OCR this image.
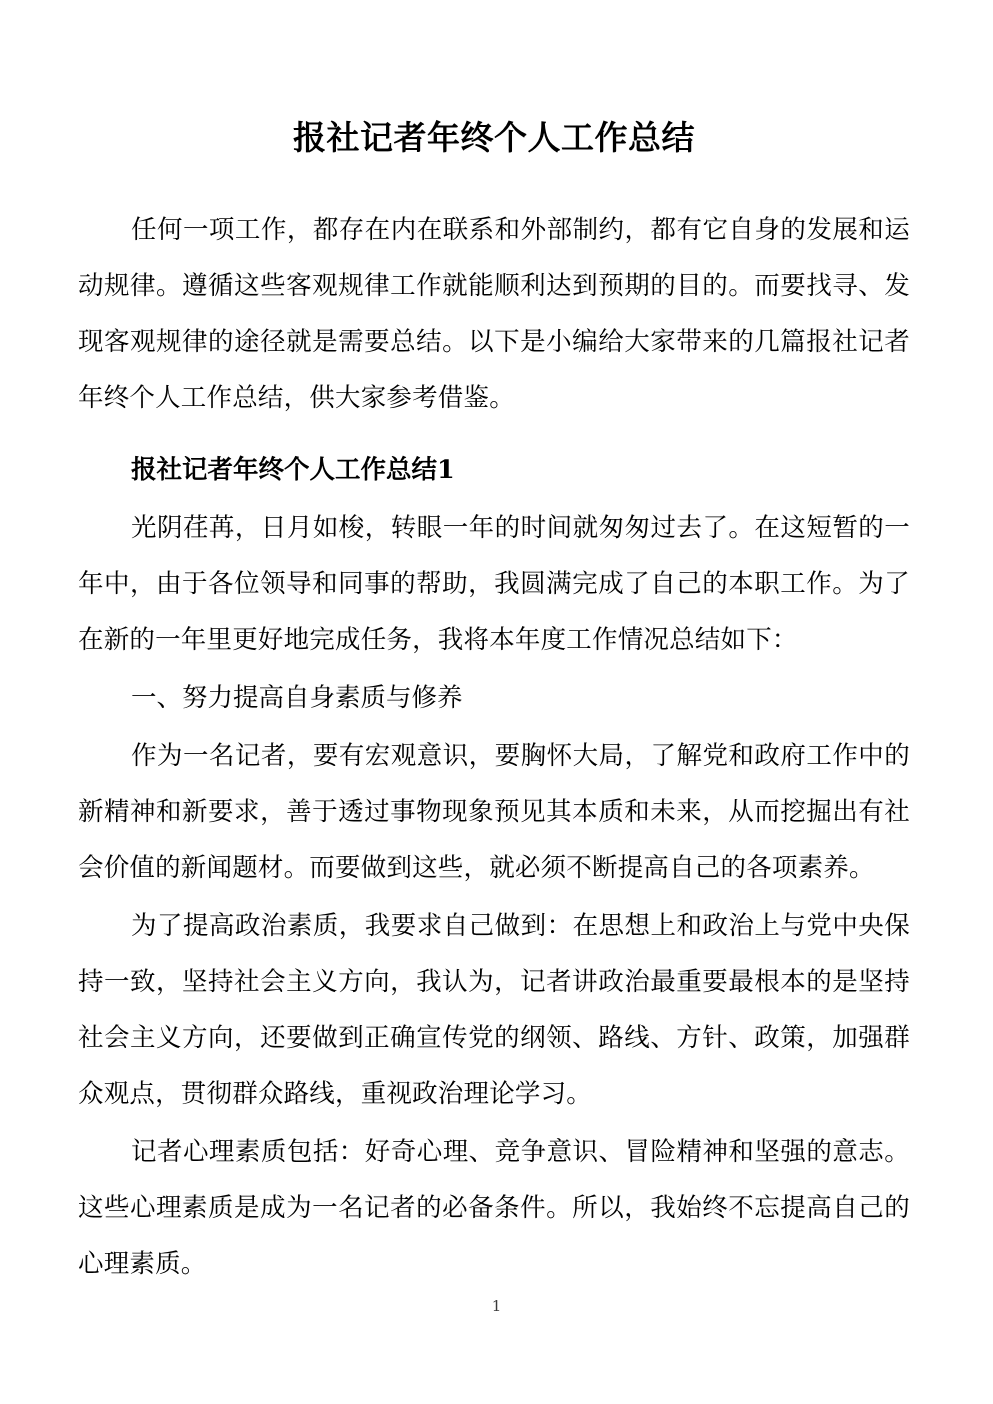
报社记者年终个人工作总结

任何一项工作，都存在内在联系和外部制约，都有它自身的发展和运动规律。遵循这些客观规律工作就能顺利达到预期的目的。而要找寻、发现客观规律的途径就是需要总结。以下是小编给大家带来的几篇报社记者年终个人工作总结，供大家参考借鉴。

报社记者年终个人工作总结1

光阴荏苒，日月如梭，转眼一年的时间就匆匆过去了。在这短暂的一年中，由于各位领导和同事的帮助，我圆满完成了自己的本职工作。为了在新的一年里更好地完成任务，我将本年度工作情况总结如下：

一、努力提高自身素质与修养

作为一名记者，要有宏观意识，要胸怀大局，了解党和政府工作中的新精神和新要求，善于透过事物现象预见其本质和未来，从而挖掘出有社会价值的新闻题材。而要做到这些，就必须不断提高自己的各项素养。

为了提高政治素质，我要求自己做到：在思想上和政治上与党中央保持一致，坚持社会主义方向，我认为，记者讲政治最重要最根本的是坚持社会主义方向，还要做到正确宣传党的纲领、路线、方针、政策，加强群众观点，贯彻群众路线，重视政治理论学习。

记者心理素质包括：好奇心理、竞争意识、冒险精神和坚强的意志。这些心理素质是成为一名记者的必备条件。所以，我始终不忘提高自己的心理素质。

1
